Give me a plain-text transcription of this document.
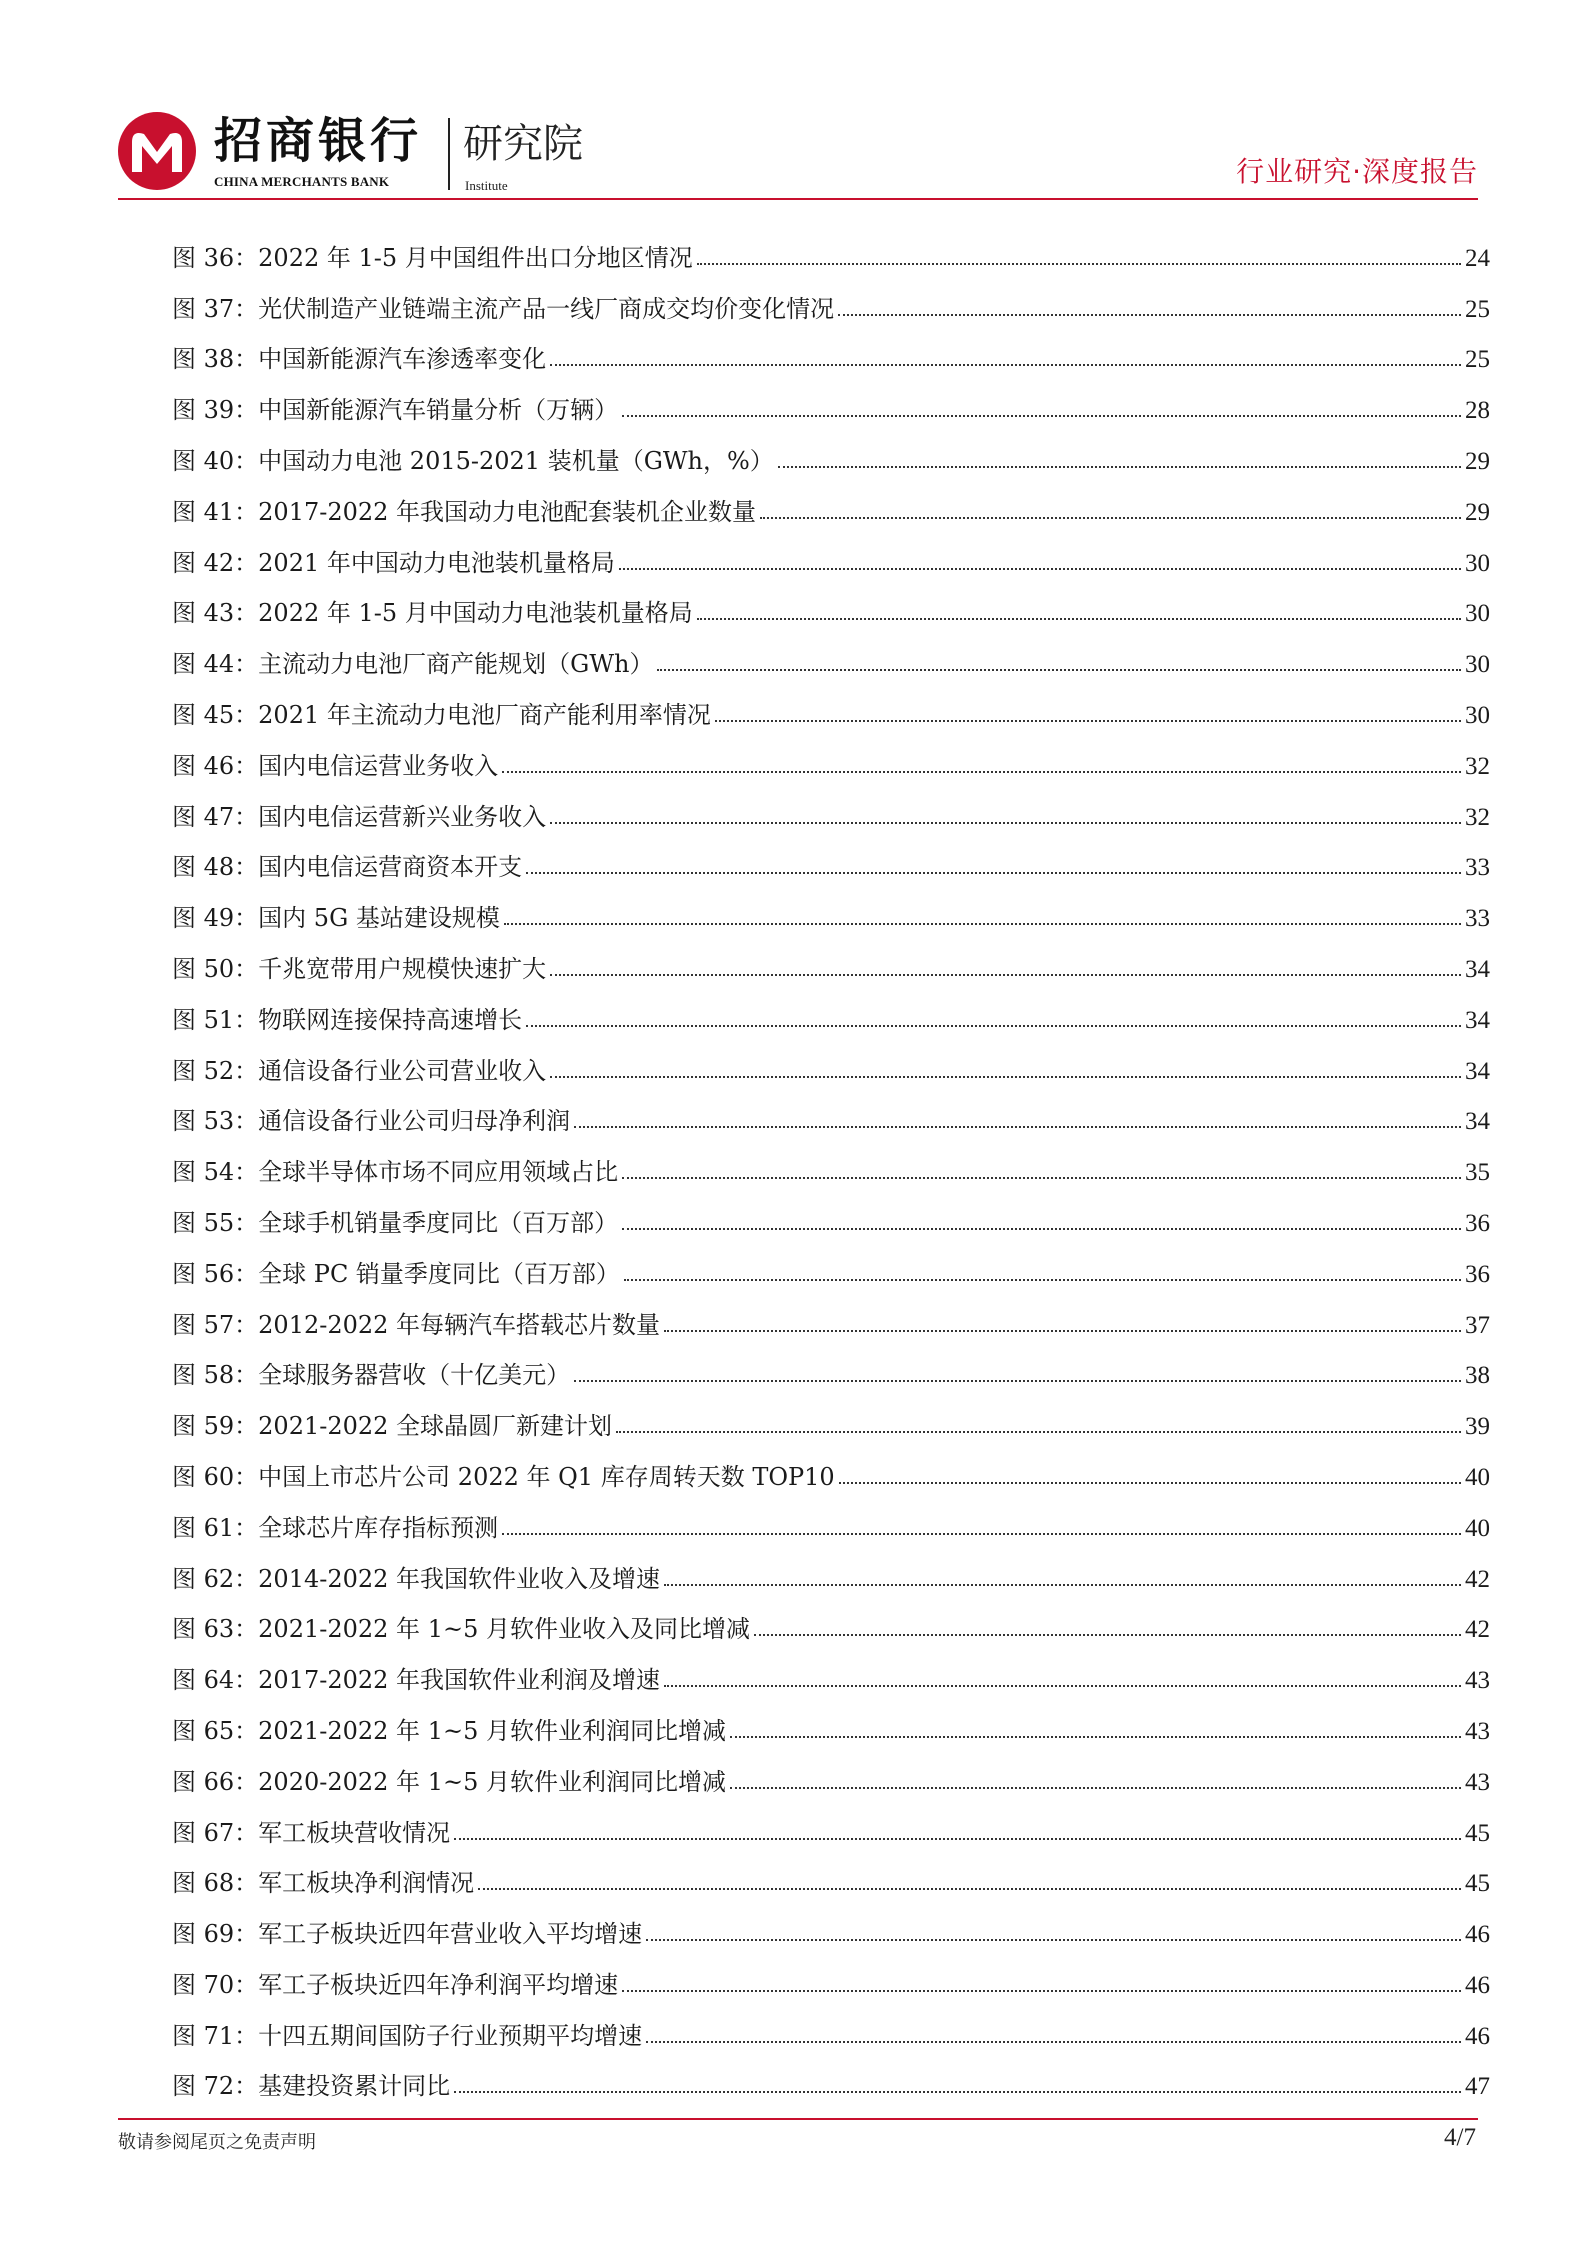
招商银行
CHINA MERCHANTS BANK
研究院
Institute	行业研究·深度报告
图 36：2022 年 1-5 月中国组件出口分地区情况	24
图 37：光伏制造产业链端主流产品一线厂商成交均价变化情况	25
图 38：中国新能源汽车渗透率变化	25
图 39：中国新能源汽车销量分析（万辆）	28
图 40：中国动力电池 2015-2021 装机量（GWh，%）	29
图 41：2017-2022 年我国动力电池配套装机企业数量	29
图 42：2021 年中国动力电池装机量格局	30
图 43：2022 年 1-5 月中国动力电池装机量格局	30
图 44：主流动力电池厂商产能规划（GWh）	30
图 45：2021 年主流动力电池厂商产能利用率情况	30
图 46：国内电信运营业务收入	32
图 47：国内电信运营新兴业务收入	32
图 48：国内电信运营商资本开支	33
图 49：国内 5G 基站建设规模	33
图 50：千兆宽带用户规模快速扩大	34
图 51：物联网连接保持高速增长	34
图 52：通信设备行业公司营业收入	34
图 53：通信设备行业公司归母净利润	34
图 54：全球半导体市场不同应用领域占比	35
图 55：全球手机销量季度同比（百万部）	36
图 56：全球 PC 销量季度同比（百万部）	36
图 57：2012-2022 年每辆汽车搭载芯片数量	37
图 58：全球服务器营收（十亿美元）	38
图 59：2021-2022 全球晶圆厂新建计划	39
图 60：中国上市芯片公司 2022 年 Q1 库存周转天数 TOP10	40
图 61：全球芯片库存指标预测	40
图 62：2014-2022 年我国软件业收入及增速	42
图 63：2021-2022 年 1~5 月软件业收入及同比增减	42
图 64：2017-2022 年我国软件业利润及增速	43
图 65：2021-2022 年 1~5 月软件业利润同比增减	43
图 66：2020-2022 年 1~5 月软件业利润同比增减	43
图 67：军工板块营收情况	45
图 68：军工板块净利润情况	45
图 69：军工子板块近四年营业收入平均增速	46
图 70：军工子板块近四年净利润平均增速	46
图 71：十四五期间国防子行业预期平均增速	46
图 72：基建投资累计同比	47
敬请参阅尾页之免责声明	4/7
